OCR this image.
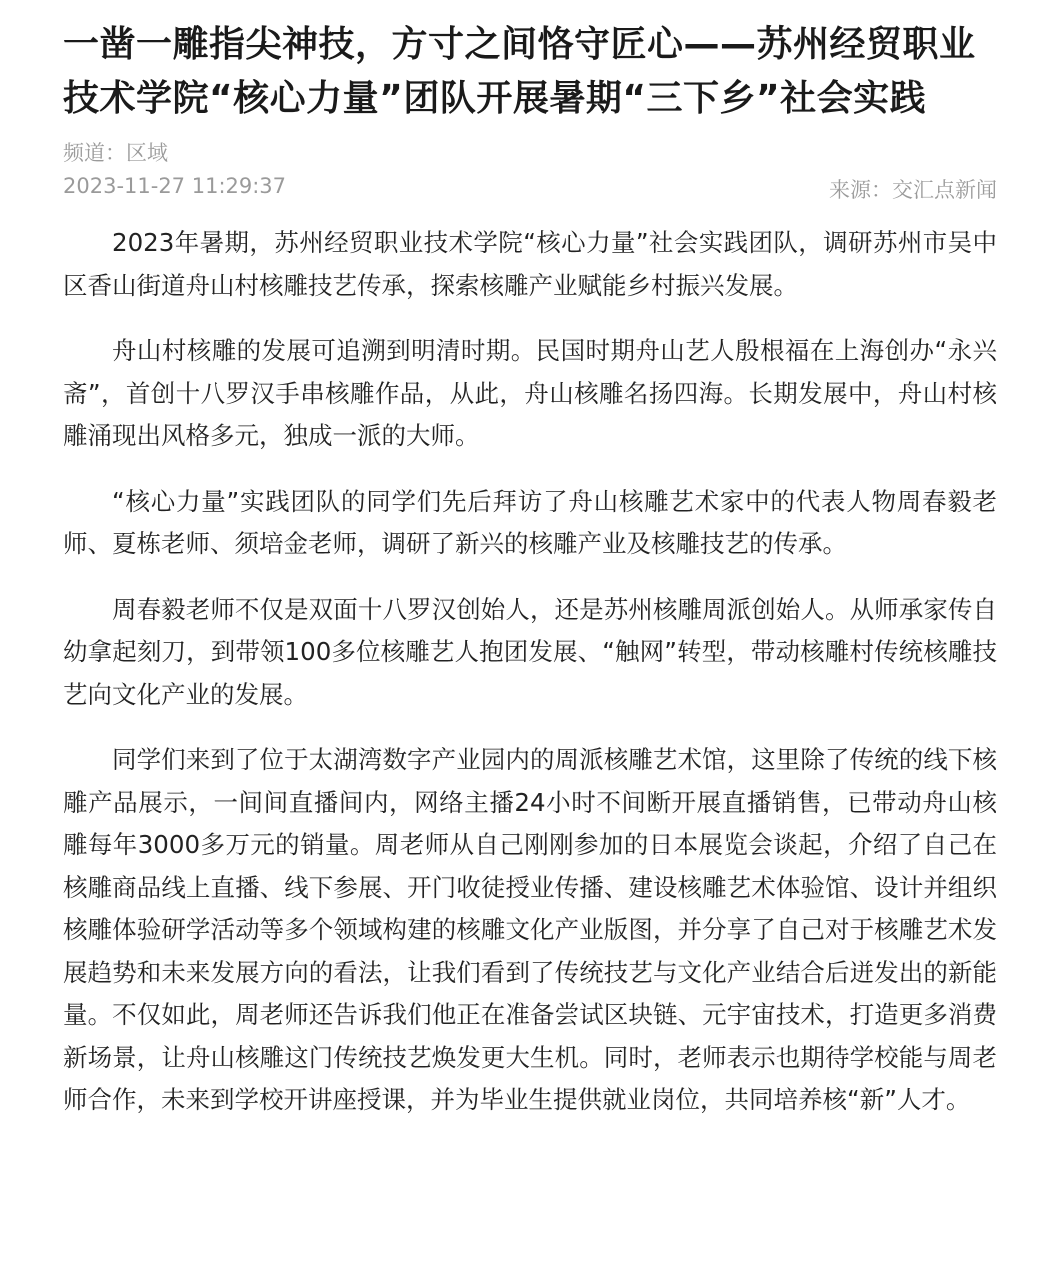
一凿一雕指尖神技，方寸之间恪守匠心——苏州经贸职业技术学院“核心力量”团队开展暑期“三下乡”社会实践
频道：区域
2023-11-27 11:29:37	来源：交汇点新闻

2023年暑期，苏州经贸职业技术学院“核心力量”社会实践团队，调研苏州市吴中区香山街道舟山村核雕技艺传承，探索核雕产业赋能乡村振兴发展。

舟山村核雕的发展可追溯到明清时期。民国时期舟山艺人殷根福在上海创办“永兴斋”，首创十八罗汉手串核雕作品，从此，舟山核雕名扬四海。长期发展中，舟山村核雕涌现出风格多元，独成一派的大师。

“核心力量”实践团队的同学们先后拜访了舟山核雕艺术家中的代表人物周春毅老师、夏栋老师、须培金老师，调研了新兴的核雕产业及核雕技艺的传承。

周春毅老师不仅是双面十八罗汉创始人，还是苏州核雕周派创始人。从师承家传自幼拿起刻刀，到带领100多位核雕艺人抱团发展、“触网”转型，带动核雕村传统核雕技艺向文化产业的发展。

同学们来到了位于太湖湾数字产业园内的周派核雕艺术馆，这里除了传统的线下核雕产品展示，一间间直播间内，网络主播24小时不间断开展直播销售，已带动舟山核雕每年3000多万元的销量。周老师从自己刚刚参加的日本展览会谈起，介绍了自己在核雕商品线上直播、线下参展、开门收徒授业传播、建设核雕艺术体验馆、设计并组织核雕体验研学活动等多个领域构建的核雕文化产业版图，并分享了自己对于核雕艺术发展趋势和未来发展方向的看法，让我们看到了传统技艺与文化产业结合后迸发出的新能量。不仅如此，周老师还告诉我们他正在准备尝试区块链、元宇宙技术，打造更多消费新场景，让舟山核雕这门传统技艺焕发更大生机。同时，老师表示也期待学校能与周老师合作，未来到学校开讲座授课，并为毕业生提供就业岗位，共同培养核“新”人才。
